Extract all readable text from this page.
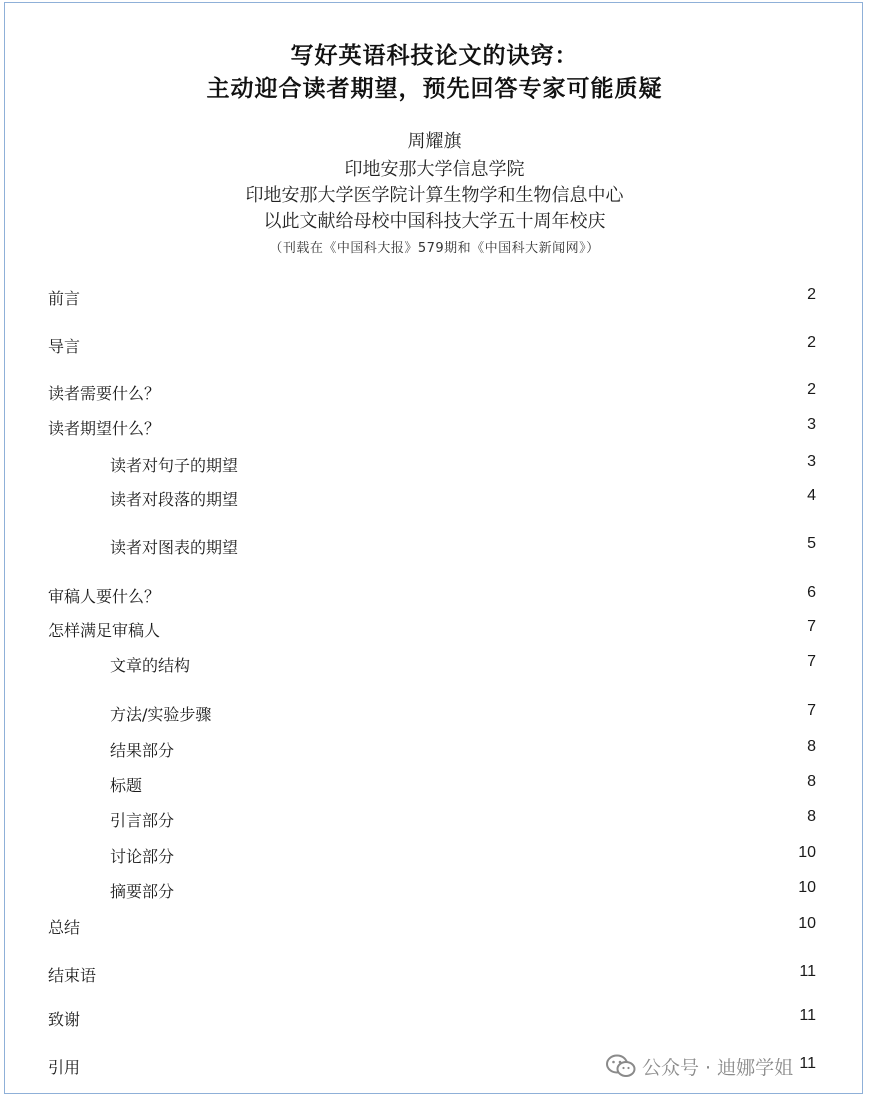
写好英语科技论文的诀窍：
主动迎合读者期望，预先回答专家可能质疑
周耀旗
印地安那大学信息学院
印地安那大学医学院计算生物学和生物信息中心
以此文献给母校中国科技大学五十周年校庆
（刊载在《中国科大报》579期和《中国科大新闻网》）
前言	2
导言	2
读者需要什么？	2
读者期望什么？	3
读者对句子的期望	3
读者对段落的期望	4
读者对图表的期望	5
审稿人要什么？	6
怎样满足审稿人	7
文章的结构	7
方法/实验步骤	7
结果部分	8
标题	8
引言部分	8
讨论部分	10
摘要部分	10
总结	10
结束语	11
致谢	11
引用	11
公众号 · 迪娜学姐
